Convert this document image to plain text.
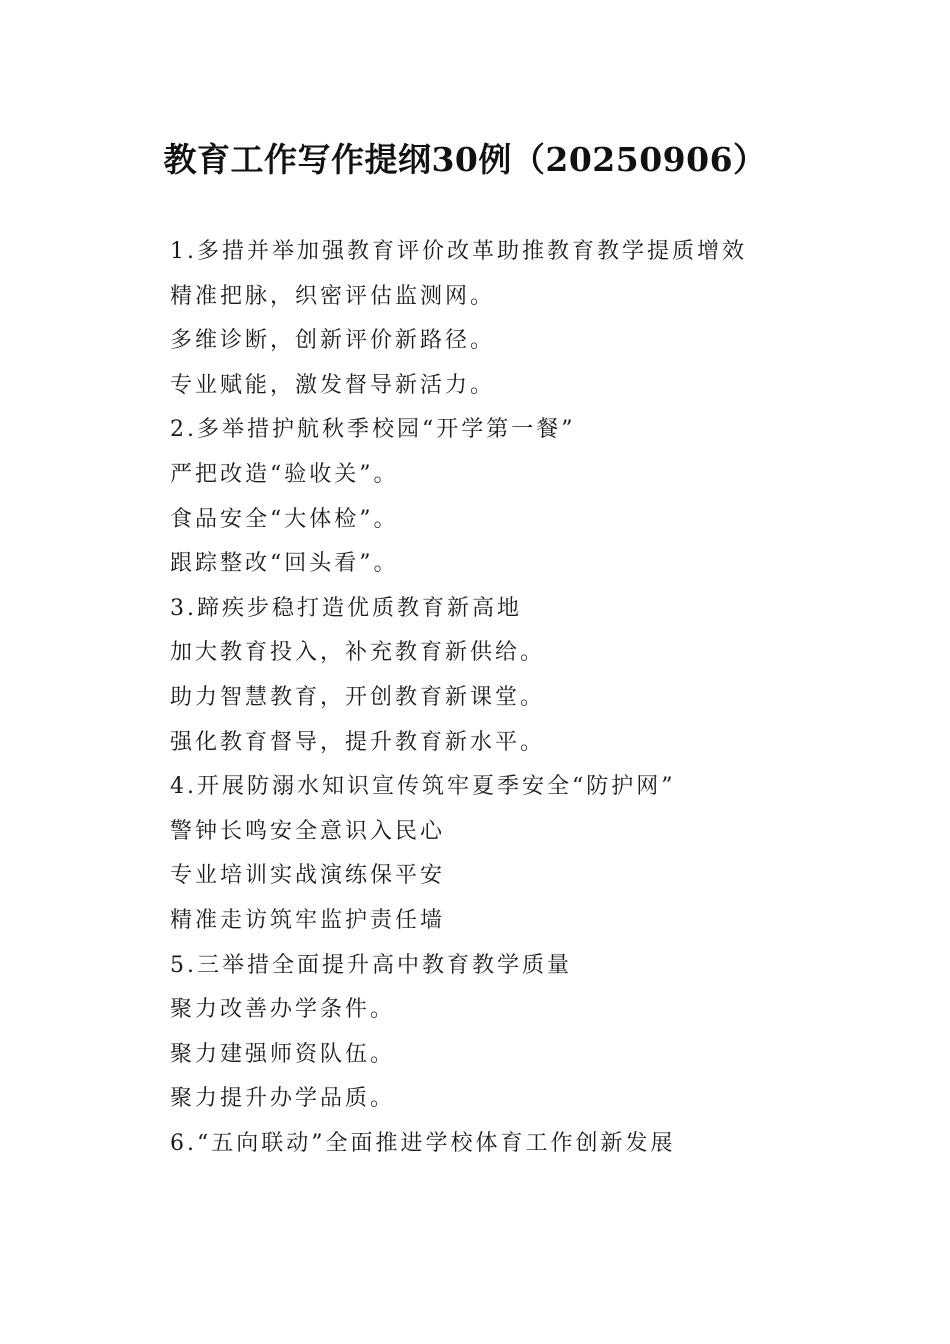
教育工作写作提纲30例（20250906）
1.多措并举加强教育评价改革助推教育教学提质增效
精准把脉，织密评估监测网。
多维诊断，创新评价新路径。
专业赋能，激发督导新活力。
2.多举措护航秋季校园“开学第一餐”
严把改造“验收关”。
食品安全“大体检”。
跟踪整改“回头看”。
3.蹄疾步稳打造优质教育新高地
加大教育投入，补充教育新供给。
助力智慧教育，开创教育新课堂。
强化教育督导，提升教育新水平。
4.开展防溺水知识宣传筑牢夏季安全“防护网”
警钟长鸣安全意识入民心
专业培训实战演练保平安
精准走访筑牢监护责任墙
5.三举措全面提升高中教育教学质量
聚力改善办学条件。
聚力建强师资队伍。
聚力提升办学品质。
6.“五向联动”全面推进学校体育工作创新发展
